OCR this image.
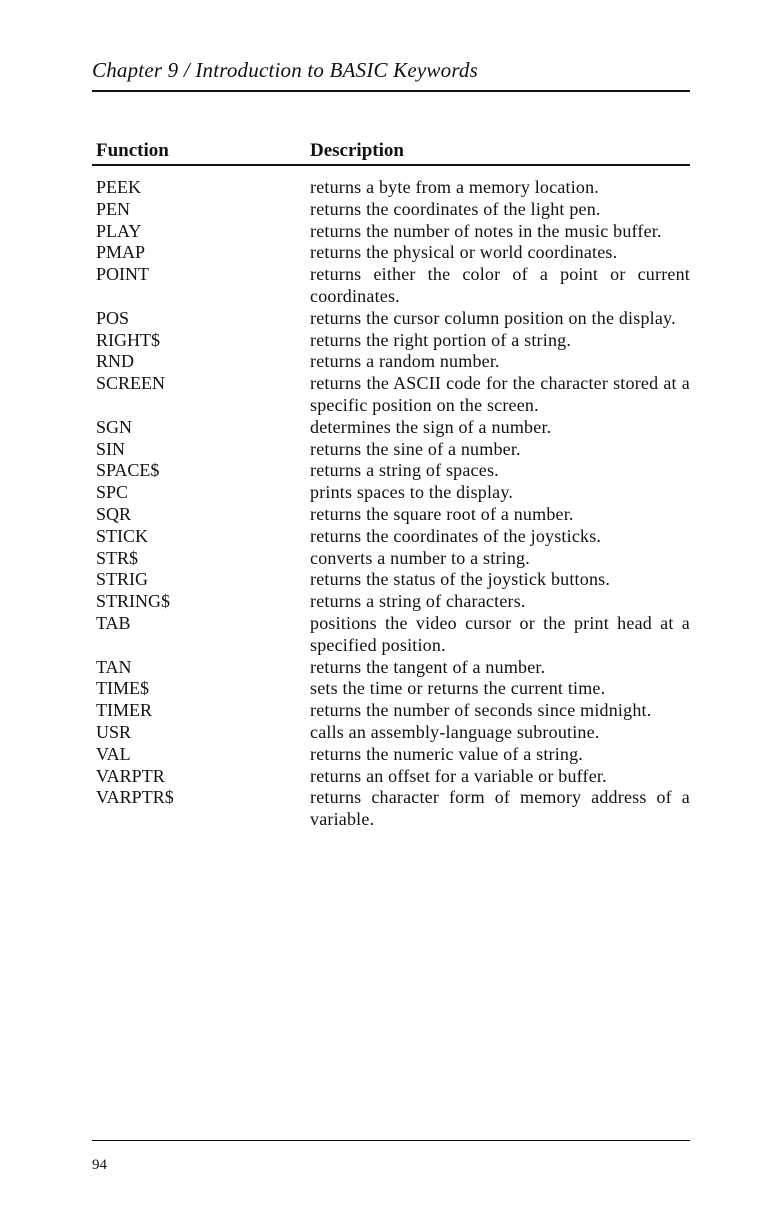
Chapter 9 / Introduction to BASIC Keywords
Function	Description
PEEK	returns a byte from a memory location.
PEN	returns the coordinates of the light pen.
PLAY	returns the number of notes in the music buffer.
PMAP	returns the physical or world coordinates.
POINT	returns either the color of a point or current coordinates.
POS	returns the cursor column position on the display.
RIGHT$	returns the right portion of a string.
RND	returns a random number.
SCREEN	returns the ASCII code for the character stored at a specific position on the screen.
SGN	determines the sign of a number.
SIN	returns the sine of a number.
SPACE$	returns a string of spaces.
SPC	prints spaces to the display.
SQR	returns the square root of a number.
STICK	returns the coordinates of the joysticks.
STR$	converts a number to a string.
STRIG	returns the status of the joystick buttons.
STRING$	returns a string of characters.
TAB	positions the video cursor or the print head at a specified position.
TAN	returns the tangent of a number.
TIME$	sets the time or returns the current time.
TIMER	returns the number of seconds since midnight.
USR	calls an assembly-language subroutine.
VAL	returns the numeric value of a string.
VARPTR	returns an offset for a variable or buffer.
VARPTR$	returns character form of memory address of a variable.
94
